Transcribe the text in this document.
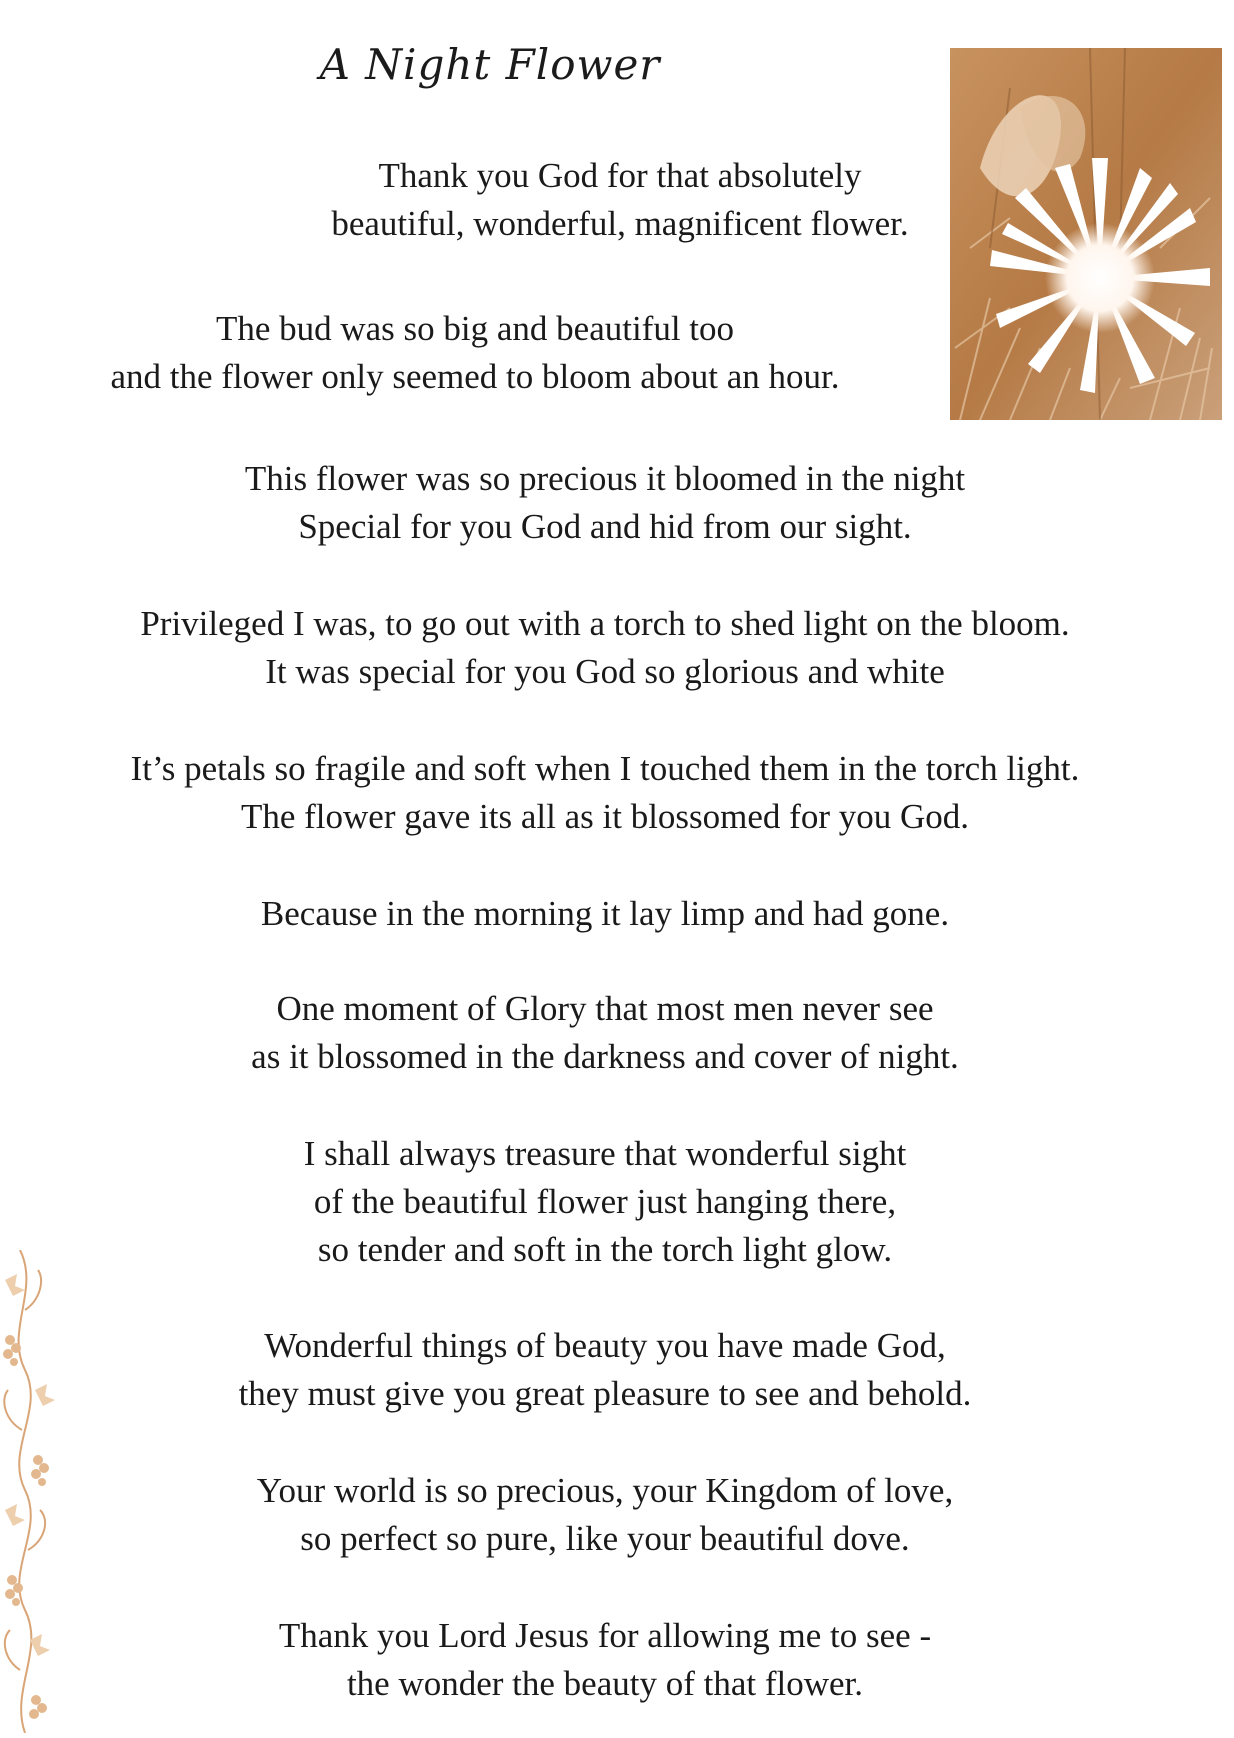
A Night Flower
Thank you God for that absolutely
beautiful, wonderful, magnificent flower.
The bud was so big and beautiful too
and the flower only seemed to bloom about an hour.
This flower was so precious it bloomed in the night
Special for you God and hid from our sight.
Privileged I was, to go out with a torch to shed light on the bloom.
It was special for you God so glorious and white
It’s petals so fragile and soft when I touched them in the torch light.
The flower gave its all as it blossomed for you God.
Because in the morning it lay limp and had gone.
One moment of Glory that most men never see
as it blossomed in the darkness and cover of night.
I shall always treasure that wonderful sight
of the beautiful flower just hanging there,
so tender and soft in the torch light glow.
Wonderful things of beauty you have made God,
they must give you great pleasure to see and behold.
Your world is so precious, your Kingdom of love,
so perfect so pure, like your beautiful dove.
Thank you Lord Jesus for allowing me to see -
the wonder the beauty of that flower.
